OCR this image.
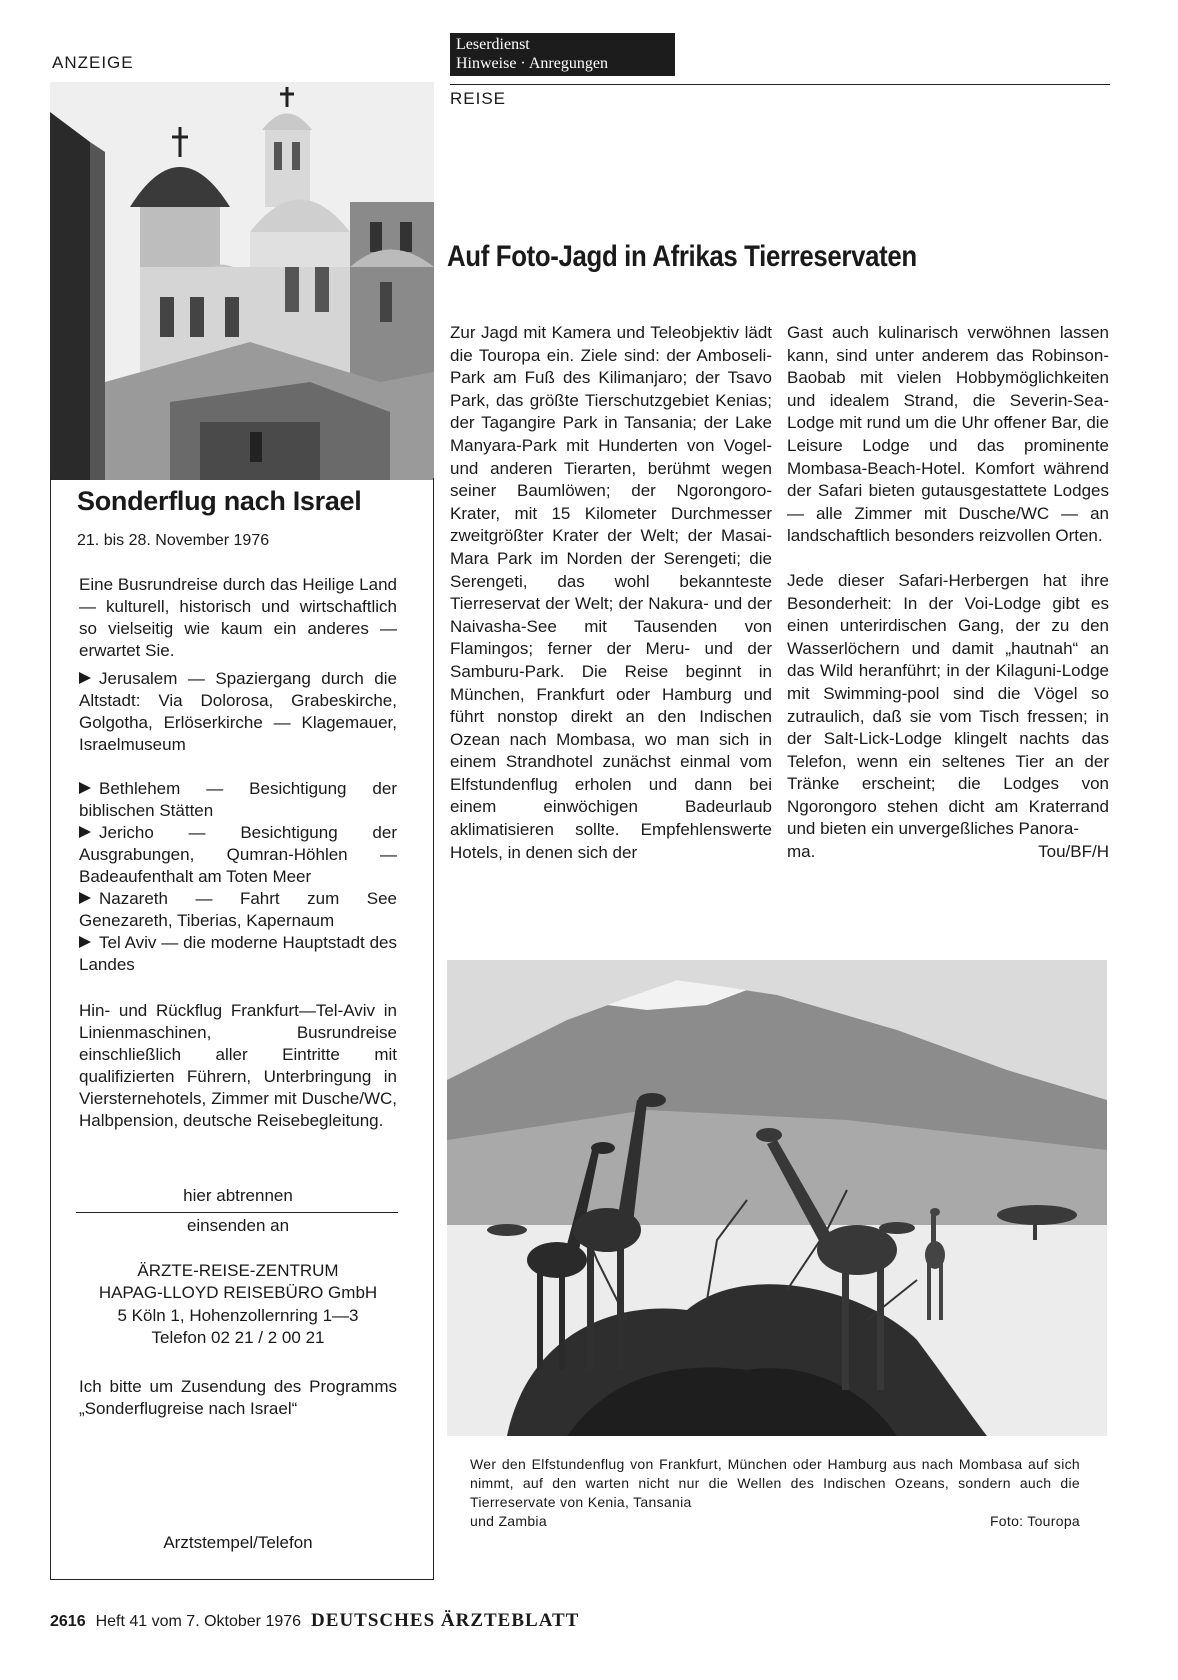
ANZEIGE
Leserdienst
Hinweise · Anregungen
REISE
Sonderflug nach Israel
21. bis 28. November 1976
Eine Busrundreise durch das Heilige Land — kulturell, historisch und wirtschaftlich so vielseitig wie kaum ein anderes — erwartet Sie.
Jerusalem — Spaziergang durch die Altstadt: Via Dolorosa, Grabeskirche, Golgotha, Erlöserkirche — Klagemauer, Israelmuseum
Bethlehem — Besichtigung der biblischen Stätten
Jericho — Besichtigung der Ausgrabungen, Qumran-Höhlen — Badeaufenthalt am Toten Meer
Nazareth — Fahrt zum See Genezareth, Tiberias, Kapernaum
Tel Aviv — die moderne Hauptstadt des Landes
Hin- und Rückflug Frankfurt—Tel-Aviv in Linienmaschinen, Busrundreise einschließlich aller Eintritte mit qualifizierten Führern, Unterbringung in Viersternehotels, Zimmer mit Dusche/WC, Halbpension, deutsche Reisebegleitung.
hier abtrennen
einsenden an
ÄRZTE-REISE-ZENTRUM
HAPAG-LLOYD REISEBÜRO GmbH
5 Köln 1, Hohenzollernring 1—3
Telefon 02 21 / 2 00 21
Ich bitte um Zusendung des Programms „Sonderflugreise nach Israel“
Arztstempel/Telefon
Auf Foto-Jagd in Afrikas Tierreservaten

Zur Jagd mit Kamera und Teleobjektiv lädt die Touropa ein. Ziele sind: der Amboseli-Park am Fuß des Kilimanjaro; der Tsavo Park, das größte Tierschutzgebiet Kenias; der Tagangire Park in Tansania; der Lake Manyara-Park mit Hunderten von Vogel- und anderen Tierarten, berühmt wegen seiner Baumlöwen; der Ngorongoro-Krater, mit 15 Kilometer Durchmesser zweitgrößter Krater der Welt; der Masai-Mara Park im Norden der Serengeti; die Serengeti, das wohl bekannteste Tierreservat der Welt; der Nakura- und der Naivasha-See mit Tausenden von Flamingos; ferner der Meru- und der Samburu-Park. Die Reise beginnt in München, Frankfurt oder Hamburg und führt nonstop direkt an den Indischen Ozean nach Mombasa, wo man sich in einem Strandhotel zunächst einmal vom Elfstundenflug erholen und dann bei einem einwöchigen Badeurlaub aklimatisieren sollte. Empfehlenswerte Hotels, in denen sich der

Gast auch kulinarisch verwöhnen lassen kann, sind unter anderem das Robinson-Baobab mit vielen Hobbymöglichkeiten und idealem Strand, die Severin-Sea-Lodge mit rund um die Uhr offener Bar, die Leisure Lodge und das prominente Mombasa-Beach-Hotel. Komfort während der Safari bieten gutausgestattete Lodges — alle Zimmer mit Dusche/WC — an landschaftlich besonders reizvollen Orten.

Jede dieser Safari-Herbergen hat ihre Besonderheit: In der Voi-Lodge gibt es einen unterirdischen Gang, der zu den Wasserlöchern und damit „hautnah“ an das Wild heranführt; in der Kilaguni-Lodge mit Swimming-pool sind die Vögel so zutraulich, daß sie vom Tisch fressen; in der Salt-Lick-Lodge klingelt nachts das Telefon, wenn ein seltenes Tier an der Tränke erscheint; die Lodges von Ngorongoro stehen dicht am Kraterrand und bieten ein unvergeßliches Panora-

ma.	Tou/BF/H
Wer den Elfstundenflug von Frankfurt, München oder Hamburg aus nach Mombasa auf sich nimmt, auf den warten nicht nur die Wellen des Indischen Ozeans, sondern auch die Tierreservate von Kenia, Tansania
und Zambia	Foto: Touropa
2616 Heft 41 vom 7. Oktober 1976 DEUTSCHES ÄRZTEBLATT
